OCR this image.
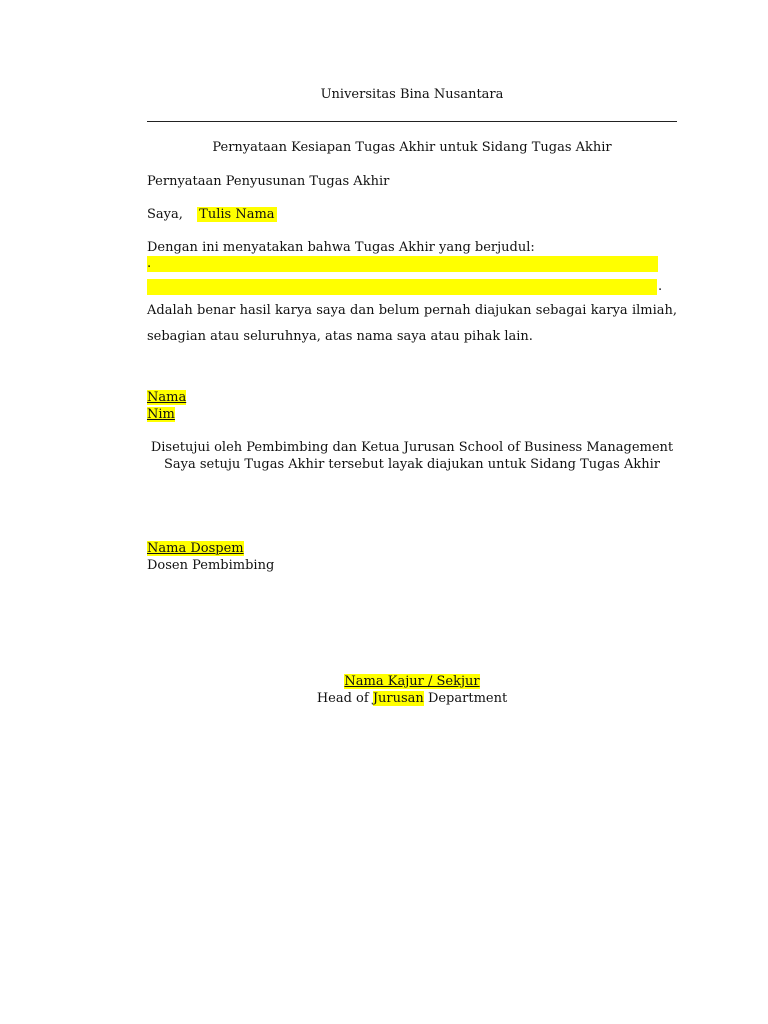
Universitas Bina Nusantara
Pernyataan Kesiapan Tugas Akhir untuk Sidang Tugas Akhir
Pernyataan Penyusunan Tugas Akhir
Saya, Tulis Nama
Dengan ini menyatakan bahwa Tugas Akhir yang berjudul:
.
.
Adalah benar hasil karya saya dan belum pernah diajukan sebagai karya ilmiah, sebagian atau seluruhnya, atas nama saya atau pihak lain.
Nama
Nim
Disetujui oleh Pembimbing dan Ketua Jurusan School of Business Management
Saya setuju Tugas Akhir tersebut layak diajukan untuk Sidang Tugas Akhir
Nama Dospem
Dosen Pembimbing
Nama Kajur / Sekjur
Head of Jurusan Department
